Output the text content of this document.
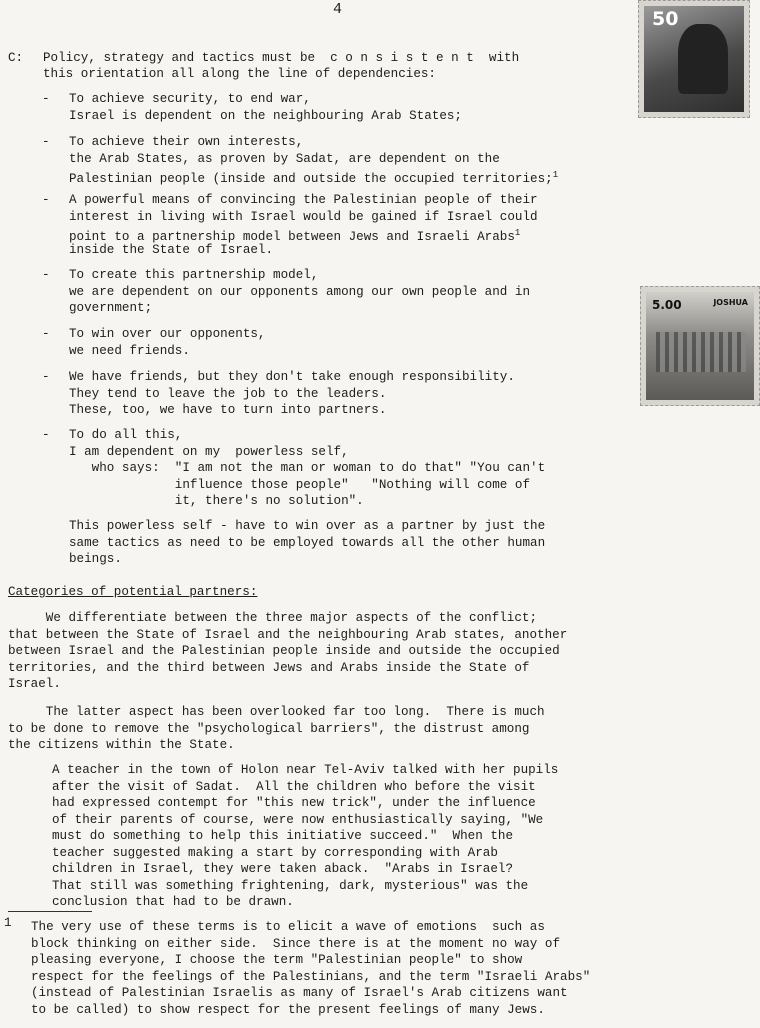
4
C: Policy, strategy and tactics must be  c o n s i s t e n t  with
this orientation all along the line of dependencies:
- To achieve security, to end war,
Israel is dependent on the neighbouring Arab States;
- To achieve their own interests,
the Arab States, as proven by Sadat, are dependent on the
Palestinian people (inside and outside the occupied territories;$^1$
- A powerful means of convincing the Palestinian people of their
interest in living with Israel would be gained if Israel could
point to a partnership model between Jews and Israeli Arabs$^1$
inside the State of Israel.
- To create this partnership model,
we are dependent on our opponents among our own people and in
government;
- To win over our opponents,
we need friends.
- We have friends, but they don't take enough responsibility.
They tend to leave the job to the leaders.
These, too, we have to turn into partners.
- To do all this,
I am dependent on my  powerless self,
who says:  "I am not the man or woman to do that" "You can't
influence those people"   "Nothing will come of
it, there's no solution".
This powerless self - have to win over as a partner by just the
same tactics as need to be employed towards all the other human
beings.
Categories of potential partners:
We differentiate between the three major aspects of the conflict;
that between the State of Israel and the neighbouring Arab states, another
between Israel and the Palestinian people inside and outside the occupied
territories, and the third between Jews and Arabs inside the State of
Israel.
The latter aspect has been overlooked far too long.  There is much
to be done to remove the "psychological barriers", the distrust among
the citizens within the State.
A teacher in the town of Holon near Tel-Aviv talked with her pupils
after the visit of Sadat.  All the children who before the visit
had expressed contempt for "this new trick", under the influence
of their parents of course, were now enthusiastically saying, "We
must do something to help this initiative succeed."  When the
teacher suggested making a start by corresponding with Arab
children in Israel, they were taken aback.  "Arabs in Israel?
That still was something frightening, dark, mysterious" was the
conclusion that had to be drawn.
1 The very use of these terms is to elicit a wave of emotions  such as
block thinking on either side.  Since there is at the moment no way of
pleasing everyone, I choose the term "Palestinian people" to show
respect for the feelings of the Palestinians, and the term "Israeli Arabs"
(instead of Palestinian Israelis as many of Israel's Arab citizens want
to be called) to show respect for the present feelings of many Jews.
50
5.00	JOSHUA
